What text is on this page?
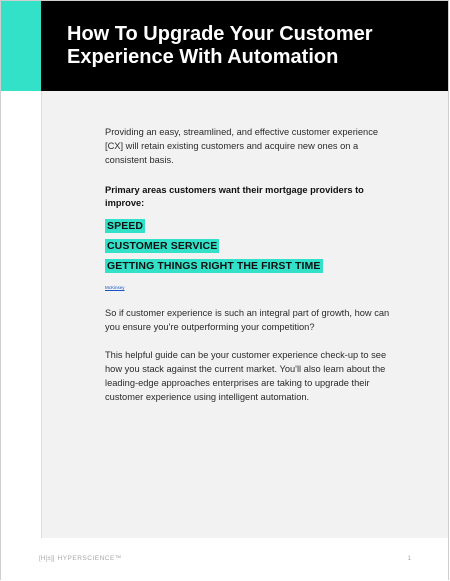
How To Upgrade Your Customer Experience With Automation

Providing an easy, streamlined, and effective customer experience [CX] will retain existing customers and acquire new ones on a consistent basis.

Primary areas customers want their mortgage providers to improve:

SPEED
CUSTOMER SERVICE
GETTING THINGS RIGHT THE FIRST TIME
McKinsey

So if customer experience is such an integral part of growth, how can you ensure you're outperforming your competition?

This helpful guide can be your customer experience check-up to see how you stack against the current market. You'll also learn about the leading-edge approaches enterprises are taking to upgrade their customer experience using intelligent automation.

[H[±]] HYPERSCIENCE™	1
